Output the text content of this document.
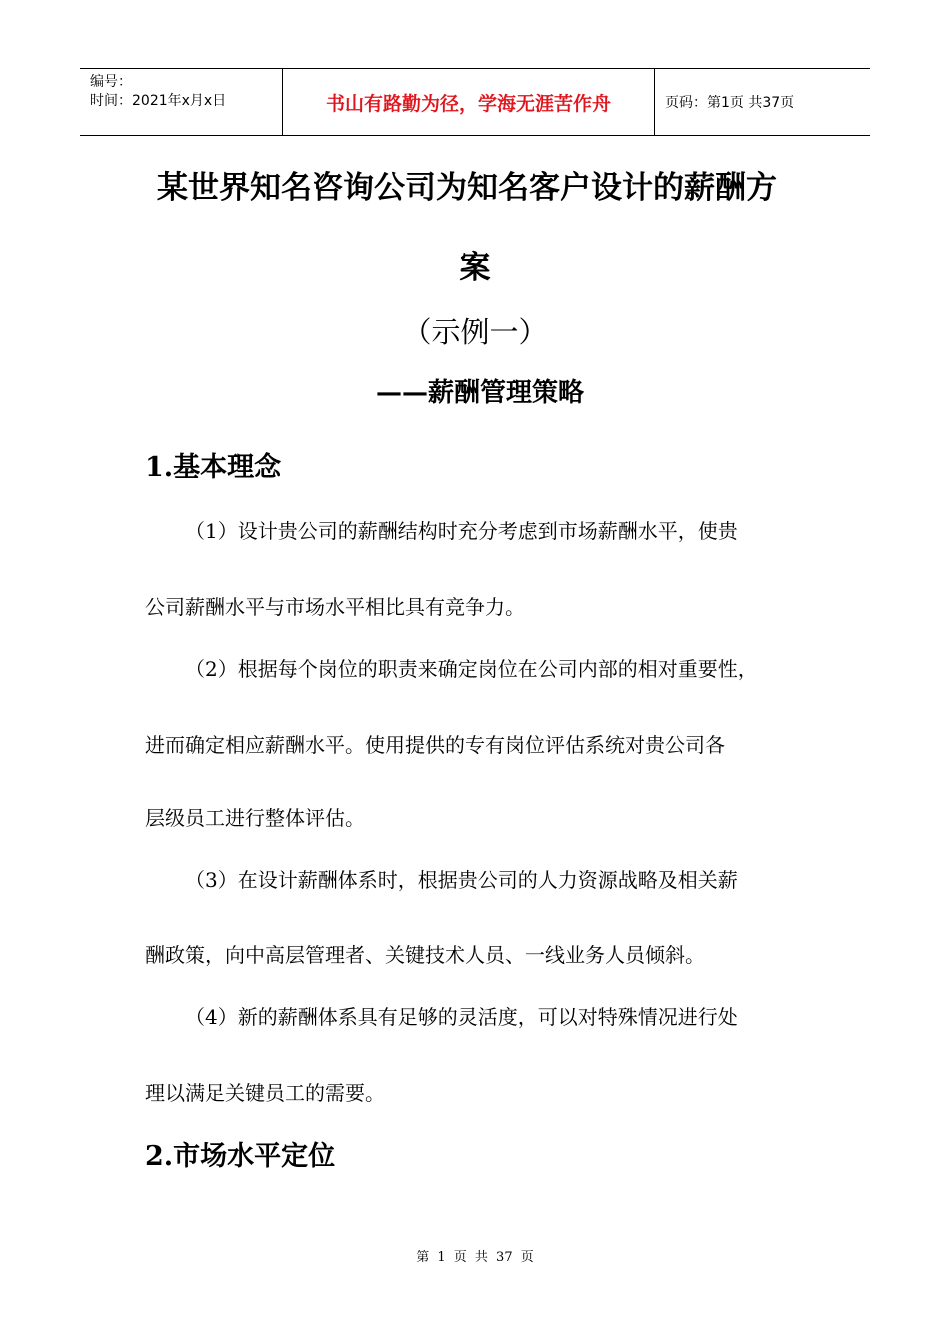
编号：
时间：2021年x月x日	书山有路勤为径，学海无涯苦作舟	页码：第1页 共37页
某世界知名咨询公司为知名客户设计的薪酬方
案
（示例一）
——薪酬管理策略
1.基本理念
（1）设计贵公司的薪酬结构时充分考虑到市场薪酬水平，使贵
公司薪酬水平与市场水平相比具有竞争力。
（2）根据每个岗位的职责来确定岗位在公司内部的相对重要性，
进而确定相应薪酬水平。使用提供的专有岗位评估系统对贵公司各
层级员工进行整体评估。
（3）在设计薪酬体系时，根据贵公司的人力资源战略及相关薪
酬政策，向中高层管理者、关键技术人员、一线业务人员倾斜。
（4）新的薪酬体系具有足够的灵活度，可以对特殊情况进行处
理以满足关键员工的需要。
2.市场水平定位
第 1 页 共 37 页
